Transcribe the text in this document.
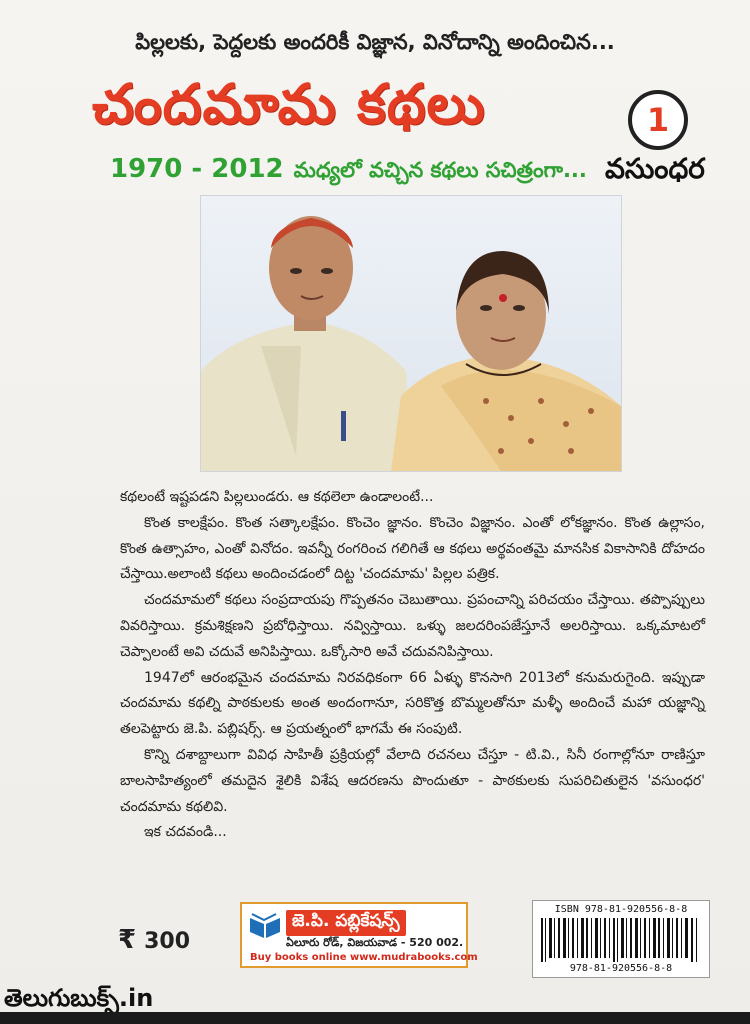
పిల్లలకు, పెద్దలకు అందరికీ విజ్ఞాన, వినోదాన్ని అందించిన...
చందమామ కథలు	1
1970 - 2012 మధ్యలో వచ్చిన కథలు సచిత్రంగా... వసుంధర

కథలంటే ఇష్టపడని పిల్లలుండరు. ఆ కథలెలా ఉండాలంటే...

కొంత కాలక్షేపం. కొంత సత్కాలక్షేపం. కొంచెం జ్ఞానం. కొంచెం విజ్ఞానం. ఎంతో లోకజ్ఞానం. కొంత ఉల్లాసం, కొంత ఉత్సాహం, ఎంతో వినోదం. ఇవన్నీ రంగరించ గలిగితే ఆ కథలు అర్థవంతమై మానసిక వికాసానికి దోహదం చేస్తాయి.అలాంటి కథలు అందించడంలో దిట్ట 'చందమామ' పిల్లల పత్రిక.

చందమామలో కథలు సంప్రదాయపు గొప్పతనం చెబుతాయి. ప్రపంచాన్ని పరిచయం చేస్తాయి. తప్పొప్పులు వివరిస్తాయి. క్రమశిక్షణని ప్రబోధిస్తాయి. నవ్విస్తాయి. ఒళ్ళు జలదరింపజేస్తూనే అలరిస్తాయి. ఒక్కమాటలో చెప్పాలంటే అవి చదువే అనిపిస్తాయి. ఒక్కోసారి అవే చదువనిపిస్తాయి.

1947లో ఆరంభమైన చందమామ నిరవధికంగా 66 ఏళ్ళు కొనసాగి 2013లో కనుమరుగైంది. ఇప్పుడా చందమామ కథల్ని పాఠకులకు అంత అందంగానూ, సరికొత్త బొమ్మలతోనూ మళ్ళీ అందించే మహా యజ్ఞాన్ని తలపెట్టారు జె.పి. పబ్లిషర్స్. ఆ ప్రయత్నంలో భాగమే ఈ సంపుటి.

కొన్ని దశాబ్దాలుగా వివిధ సాహితీ ప్రక్రియల్లో వేలాది రచనలు చేస్తూ - టి.వి., సినీ రంగాల్లోనూ రాణిస్తూ బాలసాహిత్యంలో తమదైన శైలికి విశేష ఆదరణను పొందుతూ - పాఠకులకు సుపరిచితులైన 'వసుంధర' చందమామ కథలివి.

ఇక చదవండి...

₹ 300
జె.పి. పబ్లికేషన్స్
ఏలూరు రోడ్, విజయవాడ - 520 002.
Buy books online www.mudrabooks.com
ISBN 978-81-920556-8-8
978-81-920556-8-8
తెలుగుబుక్స్.in
